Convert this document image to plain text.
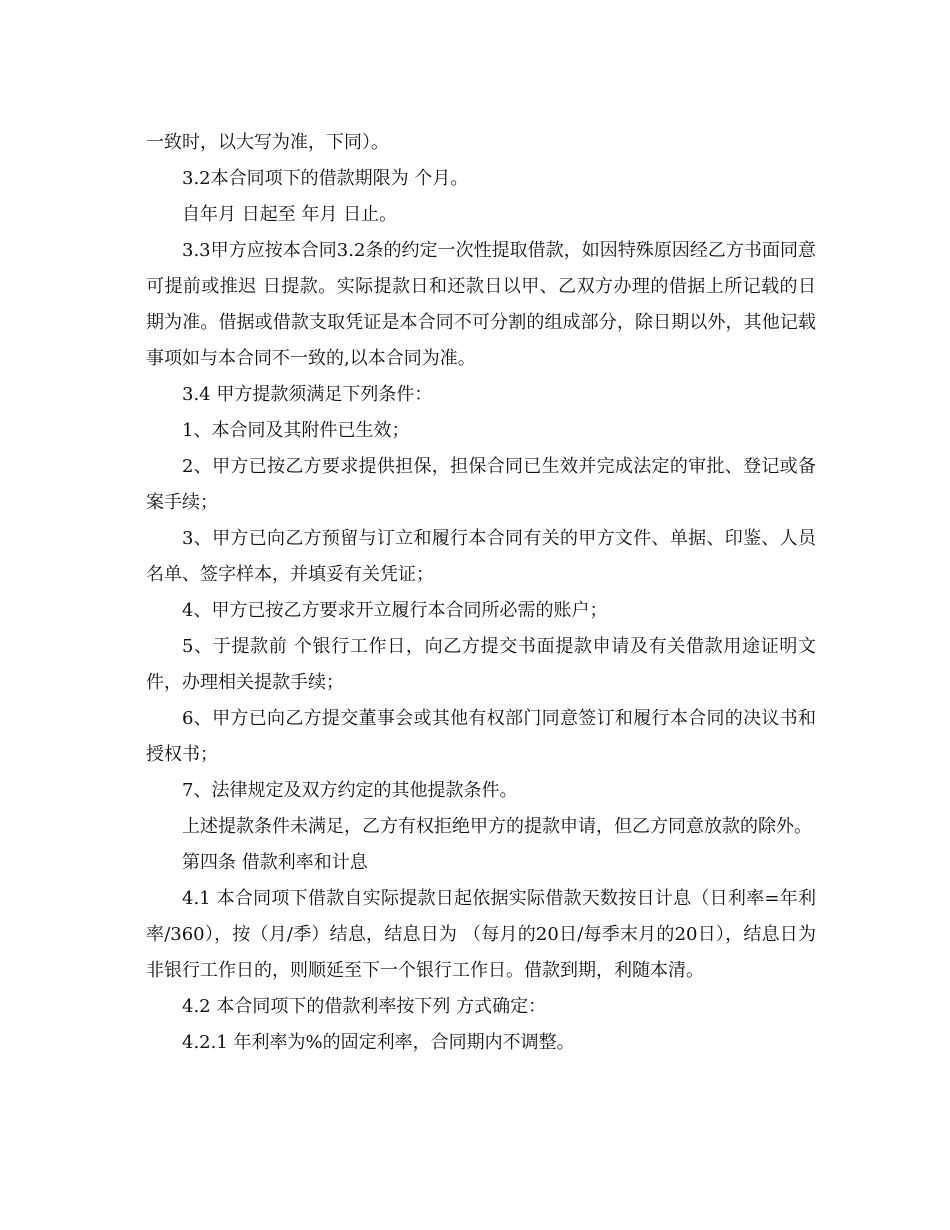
一致时，以大写为准，下同）。

3.2本合同项下的借款期限为 个月。

自年月 日起至 年月 日止。

3.3甲方应按本合同3.2条的约定一次性提取借款，如因特殊原因经乙方书面同意可提前或推迟 日提款。实际提款日和还款日以甲、乙双方办理的借据上所记载的日期为准。借据或借款支取凭证是本合同不可分割的组成部分，除日期以外，其他记载事项如与本合同不一致的,以本合同为准。

3.4 甲方提款须满足下列条件：

1、本合同及其附件已生效；

2、甲方已按乙方要求提供担保，担保合同已生效并完成法定的审批、登记或备案手续；

3、甲方已向乙方预留与订立和履行本合同有关的甲方文件、单据、印鉴、人员名单、签字样本，并填妥有关凭证；

4、甲方已按乙方要求开立履行本合同所必需的账户；

5、于提款前 个银行工作日，向乙方提交书面提款申请及有关借款用途证明文件，办理相关提款手续；

6、甲方已向乙方提交董事会或其他有权部门同意签订和履行本合同的决议书和授权书；

7、法律规定及双方约定的其他提款条件。

上述提款条件未满足，乙方有权拒绝甲方的提款申请，但乙方同意放款的除外。

第四条 借款利率和计息

4.1 本合同项下借款自实际提款日起依据实际借款天数按日计息（日利率=年利率/360），按（月/季）结息，结息日为 （每月的20日/每季末月的20日），结息日为非银行工作日的，则顺延至下一个银行工作日。借款到期，利随本清。

4.2 本合同项下的借款利率按下列 方式确定：

4.2.1 年利率为%的固定利率，合同期内不调整。
